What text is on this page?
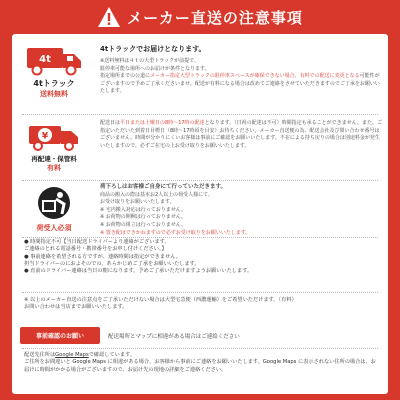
メーカー直送の注意事項
4t
4tトラック
送料無料
4tトラックでお届けとなります。
※送料無料は４ｔの大型トラックが前提で、
駐停車可能な場所へのお届けが条件となります。
指定場所までの公道にメーカー指定大型トラックの駐停車スペースが確保できない場合、有料での配送に変更となる可能性がございますので予めご了承くださいませ。配送が有料になる場合は改めてご連絡をさせていただきますのでご了承をお願いいたします。
¥
再配達・保管料
有料
配送日は平日または土曜日の8時〜17時の配達となります。（日祝の配達は不可）時間指定も承ることができません。また、ご指定いただいた到着日目標日（8時〜17時頃を目安）お待ちください。メーカー直送便の為、配送会社及び問い合わせ番号はございません。時間が分かりにくいお客様は事前にご確認をお願いいたします。不在による持ち戻りの場合は別途料金が発生いたしますので、必ずご在宅の上お受け取りをお願いいたします。
荷受人必須
荷下ろしはお客様ご自身にて行っていただきます。
商品の搬入の際は基本お2人以上の荷受人様にて、
お受け取りをお願いいたします。
※ 宅内搬入対応は行っておりません。
※ お荷物の開梱は行っておりません。
※ お荷物の組立は行っておりません。
※ 置き配はできかねますので必ずお受け取りをお願いいたします。
● 時間指定不可【当日配送ドライバーより連絡がございます。
ご連絡のとれる電話番号・携帯番号をお申し付けください。】
● 事前連絡を希望される方ですが、連絡時間は指定ができません。
担当ドライバーのにおよそのでの、あらかじめご了承をお願いいたします。
● 直前のドライバー連絡は当日の朝になります。予めご了承いただけますようお願いいたします。
※ 以上のメーカー直送の注意点をご了承いただけない場合は大型宅急便（西濃運輸）をご希望いただけます。（有料）
お問い合わせは当店までお願いいたします。
事前確認のお願い	配送場所とマップに相違がある場合はご連絡ください
配送先住所はGoogle Mapsで確認しています。
ご住所をお間違いと Google Maps に相違がある場合、お客様から事前にご連絡をお願いいたします。Google Maps に表示されない住所の場合は、お届けに時間がかかる場合がございますので、お届け先の現地の詳細をご連絡ください。
